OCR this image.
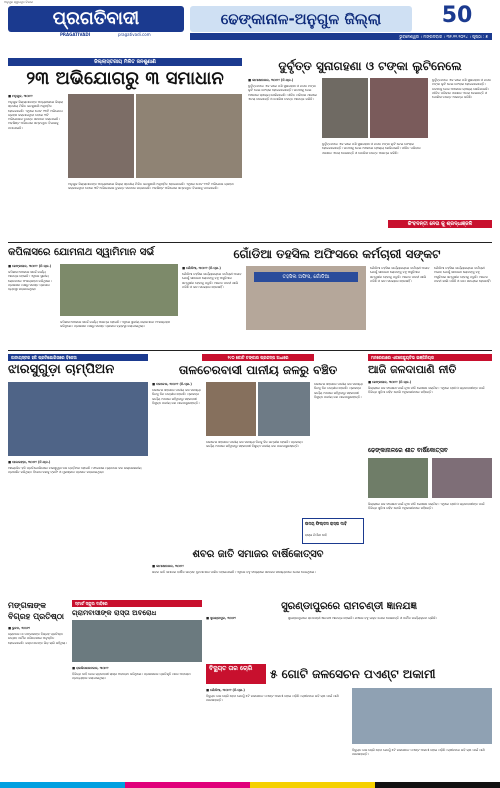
ଅନୁଗୁଳ ସ୍ୱତନ୍ତ୍ର ବିଭାଗ
ପ୍ରଗତିବାଦୀ
PRAGATIVADI	pragativadi.com
ଢେଙ୍କାନାଳ-ଅନୁଗୁଳ ଜିଲ୍ଲା	50
ଭୁବନେଶ୍ୱର । ମଙ୍ଗଳବାର । ୩୧.୧୨.୨୦୨୪ । ପୃଷ୍ଠା : ୭
ଜିଲ୍ଲାସ୍ତରୀୟ ମିଳିତ ଜନଶୁଣାଣି
୨୩ ଅଭିଯୋଗରୁ ୩ ସମାଧାନ
■ ମନୁଗୁଳ, ୩୦ା୧୨
ଅନୁଗୁଳ ଜିଲ୍ଲାପାଳଙ୍କ ଅଧ୍ୟକ୍ଷତାରେ ଜିଲ୍ଲା ସ୍ତରୀୟ ମିଳିତ ଜନଶୁଣାଣି ଅନୁଷ୍ଠିତ ହୋଇଯାଇଛି। ଏଥିରେ ମୋଟ ୨୩ଟି ଅଭିଯୋଗ ଗ୍ରହଣ କରାଯାଇଥିବା ବେଳେ ୩ଟି ଅଭିଯୋଗର ତୁରନ୍ତ ସମାଧାନ କରାଯାଇଛି। ଅବଶିଷ୍ଟ ଅଭିଯୋଗ ସମ୍ବନ୍ଧିତ ବିଭାଗକୁ ପଠାଯାଇଛି।
ଅନୁଗୁଳ ଜିଲ୍ଲାପାଳଙ୍କ ଅଧ୍ୟକ୍ଷତାରେ ଜିଲ୍ଲା ସ୍ତରୀୟ ମିଳିତ ଜନଶୁଣାଣି ଅନୁଷ୍ଠିତ ହୋଇଯାଇଛି। ଏଥିରେ ମୋଟ ୨୩ଟି ଅଭିଯୋଗ ଗ୍ରହଣ କରାଯାଇଥିବା ବେଳେ ୩ଟି ଅଭିଯୋଗର ତୁରନ୍ତ ସମାଧାନ କରାଯାଇଛି। ଅବଶିଷ୍ଟ ଅଭିଯୋଗ ସମ୍ବନ୍ଧିତ ବିଭାଗକୁ ପଠାଯାଇଛି।
ଦୁର୍ବୃତ୍ତ ସୁନାଗହଣା ଓ ଟଙ୍କା ଲୁଟିନେଲେ
■ କାମାକ୍ଷାନଗର, ୩୦ା୧୨ (ନି.ପ୍ର.)
ଦୁର୍ବୃତ୍ତମାନେ ଏକ ଘରେ ପଶି ସୁନାଗହଣା ଓ ନଗଦ ଟଙ୍କା ଲୁଟି ନେଇ ଫେରାର ହୋଇଯାଇଛନ୍ତି। ଘଟଣାକୁ ନେଇ ଅଞ୍ଚଳରେ ଚାଞ୍ଚଲ୍ୟ ଖେଳିଯାଇଛି। ପୀଡିତ ପରିବାର ଥାନାରେ ଏତଲା ଦେଇଛନ୍ତି ଓ ପୋଲିସ ତଦନ୍ତ ଆରମ୍ଭ କରିଛି।
ଦୁର୍ବୃତ୍ତମାନେ ଏକ ଘରେ ପଶି ସୁନାଗହଣା ଓ ନଗଦ ଟଙ୍କା ଲୁଟି ନେଇ ଫେରାର ହୋଇଯାଇଛନ୍ତି। ଘଟଣାକୁ ନେଇ ଅଞ୍ଚଳରେ ଚାଞ୍ଚଲ୍ୟ ଖେଳିଯାଇଛି। ପୀଡିତ ପରିବାର ଥାନାରେ ଏତଲା ଦେଇଛନ୍ତି ଓ ପୋଲିସ ତଦନ୍ତ ଆରମ୍ଭ କରିଛି।
ଦୁର୍ବୃତ୍ତମାନେ ଏକ ଘରେ ପଶି ସୁନାଗହଣା ଓ ନଗଦ ଟଙ୍କା ଲୁଟି ନେଇ ଫେରାର ହୋଇଯାଇଛନ୍ତି। ଘଟଣାକୁ ନେଇ ଅଞ୍ଚଳରେ ଚାଞ୍ଚଲ୍ୟ ଖେଳିଯାଇଛି। ପୀଡିତ ପରିବାର ଥାନାରେ ଏତଲା ଦେଇଛନ୍ତି ଓ ପୋଲିସ ତଦନ୍ତ ଆରମ୍ଭ କରିଛି।
କିଂବଦନ୍ତୀ ନେତା କୁ ଶ୍ରଦ୍ଧାଞ୍ଜଳି
କପିଳାସରେ ଯୋମନାଥ ସ୍ୱାମିମାନ ସର୍ଭ
■ ଢେଙ୍କାନାଳ, ୩୦ା୧୨ (ନି.ପ୍ର.)
କପିଳାସ ଅଞ୍ଚଳରେ ସର୍ଭେ କାର୍ଯ୍ୟ ଆରମ୍ଭ ହୋଇଛି। ଏଥିରେ ସ୍ଥାନୀୟ ଲୋକମାନେ ଅଂଶଗ୍ରହଣ କରିଥିଲେ। ପ୍ରଶାସନ ପକ୍ଷରୁ ସମସ୍ତ ପ୍ରକାର ବ୍ୟବସ୍ଥା କରାଯାଇଥିଲା।
କପିଳାସ ଅଞ୍ଚଳରେ ସର୍ଭେ କାର୍ଯ୍ୟ ଆରମ୍ଭ ହୋଇଛି। ଏଥିରେ ସ୍ଥାନୀୟ ଲୋକମାନେ ଅଂଶଗ୍ରହଣ କରିଥିଲେ। ପ୍ରଶାସନ ପକ୍ଷରୁ ସମସ୍ତ ପ୍ରକାର ବ୍ୟବସ୍ଥା କରାଯାଇଥିଲା।
ଗୋଁଡିଆ ତହସିଲ ଅଫିସରେ କର୍ମଚାରୀ ସଙ୍କଟ
■ ଗୋଁଡିଆ, ୩୦ା୧୨ (ନି.ପ୍ର.)
ଗୋଁଡିଆ ତହସିଲ କାର୍ଯ୍ୟାଳୟରେ କର୍ମଚାରୀ ଅଭାବ ଯୋଗୁଁ ସାଧାରଣ ଲୋକଙ୍କୁ ବହୁ ଅସୁବିଧାର ସମ୍ମୁଖୀନ ହେବାକୁ ପଡୁଛି। ଅନେକ ପଦବୀ ଖାଲି ପଡିଛି ଓ କାମ ସମୟରେ ହେଉନାହିଁ।
ତହସିଲ ଅଫିସ, ଗୋଁଡିଆ
ଗୋଁଡିଆ ତହସିଲ କାର୍ଯ୍ୟାଳୟରେ କର୍ମଚାରୀ ଅଭାବ ଯୋଗୁଁ ସାଧାରଣ ଲୋକଙ୍କୁ ବହୁ ଅସୁବିଧାର ସମ୍ମୁଖୀନ ହେବାକୁ ପଡୁଛି। ଅନେକ ପଦବୀ ଖାଲି ପଡିଛି ଓ କାମ ସମୟରେ ହେଉନାହିଁ।
ଗୋଁଡିଆ ତହସିଲ କାର୍ଯ୍ୟାଳୟରେ କର୍ମଚାରୀ ଅଭାବ ଯୋଗୁଁ ସାଧାରଣ ଲୋକଙ୍କୁ ବହୁ ଅସୁବିଧାର ସମ୍ମୁଖୀନ ହେବାକୁ ପଡୁଛି। ଅନେକ ପଦବୀ ଖାଲି ପଡିଛି ଓ କାମ ସମୟରେ ହେଉନାହିଁ।
ଜାତୀୟସ୍ତର ହକି ପ୍ରତିଯୋଗିତାରେ ବିଜେତା
ଝାରସୁଗୁଡ଼ା ଚାମ୍ପିଅନ
■ ପାଲଲହଡ଼ା, ୩୦ା୧୨ (ନି.ପ୍ର.)
ଆୟୋଜିତ ହକି ପ୍ରତିଯୋଗିତାରେ ଝାରସୁଗୁଡ଼ା ଦଳ ଚାମ୍ପିଅନ ହୋଇଛି। ଫାଇନାଲ ମ୍ୟାଚରେ ଦଳ ଉଲ୍ଲେଖନୀୟ ପ୍ରଦର୍ଶନ କରିଥିଲା। ବିଜେତା ଦଳକୁ ଟ୍ରଫି ଓ ପୁରସ୍କାର ପ୍ରଦାନ କରାଯାଇଥିଲା।
୨୯୦ କୋଟି ଟଙ୍କାର ପ୍ରକଳ୍ପ ଅଧାରେ
ତାଳଚେରବାସୀ ପାନୀୟ ଜଳରୁ ବଞ୍ଚିତ
■ ତାଳଚେର, ୩୦ା୧୨ (ନି.ପ୍ର.)
ତାଳଚେର ସହରରେ ପାନୀୟ ଜଳ ସମସ୍ୟା ଦିନକୁ ଦିନ ଗମ୍ଭୀର ହେଉଛି। ପ୍ରକଳ୍ପ କାର୍ଯ୍ୟ ଅଧାରେ ରହିଥିବାରୁ ସହରବାସୀ ବିଶୁଦ୍ଧ ପାନୀୟ ଜଳ ପାଇପାରୁନାହାନ୍ତି।
ତାଳଚେର ସହରରେ ପାନୀୟ ଜଳ ସମସ୍ୟା ଦିନକୁ ଦିନ ଗମ୍ଭୀର ହେଉଛି। ପ୍ରକଳ୍ପ କାର୍ଯ୍ୟ ଅଧାରେ ରହିଥିବାରୁ ସହରବାସୀ ବିଶୁଦ୍ଧ ପାନୀୟ ଜଳ ପାଇପାରୁନାହାନ୍ତି।
ତାଳଚେର ସହରରେ ପାନୀୟ ଜଳ ସମସ୍ୟା ଦିନକୁ ଦିନ ଗମ୍ଭୀର ହେଉଛି। ପ୍ରକଳ୍ପ କାର୍ଯ୍ୟ ଅଧାରେ ରହିଥିବାରୁ ସହରବାସୀ ବିଶୁଦ୍ଧ ପାନୀୟ ଜଳ ପାଇପାରୁନାହାନ୍ତି।
ମନରେଗାରେ ଏକଜେକ୍ୟୁଟିଭ ଇଞ୍ଜିନିୟର
ଆଜି ଜଳଦାପାଣି ନୀତି
■ ଢେଙ୍କାନାଳ, ୩୦ା୧୨ (ନି.ପ୍ର.)
ଜିଲ୍ଲାରେ ଜଳ ସଂରକ୍ଷଣ ପାଇଁ ନୂଆ ନୀତି ଘୋଷଣା କରାଯିବ। ଏଥିରେ ଚାଷୀ ଓ ଗ୍ରାମବାସୀଙ୍କ ପାଇଁ ବିଭିନ୍ନ ସୁବିଧା ରହିବ ବୋଲି ଅଧିକାରୀମାନେ କହିଛନ୍ତି।
ଢେଙ୍କାନାଳରେ ଶୀତ ବାର୍ଷିକୋତ୍ସବ
ଜିଲ୍ଲାରେ ଜଳ ସଂରକ୍ଷଣ ପାଇଁ ନୂଆ ନୀତି ଘୋଷଣା କରାଯିବ। ଏଥିରେ ଚାଷୀ ଓ ଗ୍ରାମବାସୀଙ୍କ ପାଇଁ ବିଭିନ୍ନ ସୁବିଧା ରହିବ ବୋଲି ଅଧିକାରୀମାନେ କହିଛନ୍ତି।
ଉଦୟ ଫିଲ୍ଡସ ରାସ୍ତା ଦାବି
ରାସ୍ତା ନିର୍ମାଣ ଦାବି
ଶବର ଜାତି ସମାଜର ବାର୍ଷିକୋତ୍ସବ
■ କାମାକ୍ଷାନଗର, ୩୦ା୧୨
ଶବର ଜାତି ସମାଜର ବାର୍ଷିକ ଉତ୍ସବ ଧୁମଧାମରେ ପାଳିତ ହୋଇଯାଇଛି। ଏଥିରେ ବହୁ ସଂଖ୍ୟାରେ ସମାଜର ସଦସ୍ୟମାନେ ଯୋଗ ଦେଇଥିଲେ।
ମଙ୍ଗଳାଙ୍କ ବିଗ୍ରହ ପ୍ରତିଷ୍ଠା
■ ଭୁବନ, ୩୦ା୧୨
ଗ୍ରାମରେ ମା ମଙ୍ଗଳାଙ୍କ ବିଗ୍ରହ ପ୍ରତିଷ୍ଠା ଉତ୍ସବ ଧାର୍ମିକ ପରିବେଶରେ ଅନୁଷ୍ଠିତ ହୋଇଯାଇଛି। ଭକ୍ତମାନଙ୍କ ଭିଡ଼ ଲାଗି ରହିଥିଲା।
ସ୍ମାର୍ଟ ସ୍କୁଲ ଦାବିରେ
ଗ୍ରାମବାସୀଙ୍କ ରାସ୍ତା ଅବରୋଧ
■ ରାଜକିଶୋରନଗର, ୩୦ା୧୨
ବିଭିନ୍ନ ଦାବି ନେଇ ଗ୍ରାମବାସୀ ରାସ୍ତା ଅବରୋଧ କରିଥିଲେ। ପ୍ରଶାସନର ପ୍ରତିଶୃତି ପରେ ଅବରୋଧ ପ୍ରତ୍ୟାହାର କରାଯାଇଥିଲା।
ସୁରଣ୍ଡାପୁରରେ ରାମଚଣ୍ଡୀ ଜ୍ଞାନଯଜ୍ଞ
■ ସୁରଣ୍ଡାପୁର, ୩୦ା୧୨	ସୁରଣ୍ଡାପୁରରେ ରାମଚଣ୍ଡୀ ଜ୍ଞାନଯଜ୍ଞ ଆରମ୍ଭ ହୋଇଛି। ଯଜ୍ଞରେ ବହୁ ଭକ୍ତ ଯୋଗ ଦେଉଛନ୍ତି ଓ ଧାର୍ମିକ କାର୍ଯ୍ୟକ୍ରମ ଚାଲିଛି।
ବିଦ୍ୟୁତ ତାର ଚୋରି	୫ ଗୋଟି ଜଳସେଚନ ପଏଣ୍ଟ ଅକାମୀ
■ ଗୋଁଡିଆ, ୩୦ା୧୨ (ନି.ପ୍ର.)
ବିଦ୍ୟୁତ ତାର ଚୋରି ହେବା ଯୋଗୁଁ ୫ଟି ଜଳସେଚନ ପଏଣ୍ଟ ଅକାମୀ ହୋଇ ପଡ଼ିଛି। ଚାଷୀମାନେ ରବି ଚାଷ ପାଇଁ ପାଣି ପାଉନାହାନ୍ତି।
ବିଦ୍ୟୁତ ତାର ଚୋରି ହେବା ଯୋଗୁଁ ୫ଟି ଜଳସେଚନ ପଏଣ୍ଟ ଅକାମୀ ହୋଇ ପଡ଼ିଛି। ଚାଷୀମାନେ ରବି ଚାଷ ପାଇଁ ପାଣି ପାଉନାହାନ୍ତି।
